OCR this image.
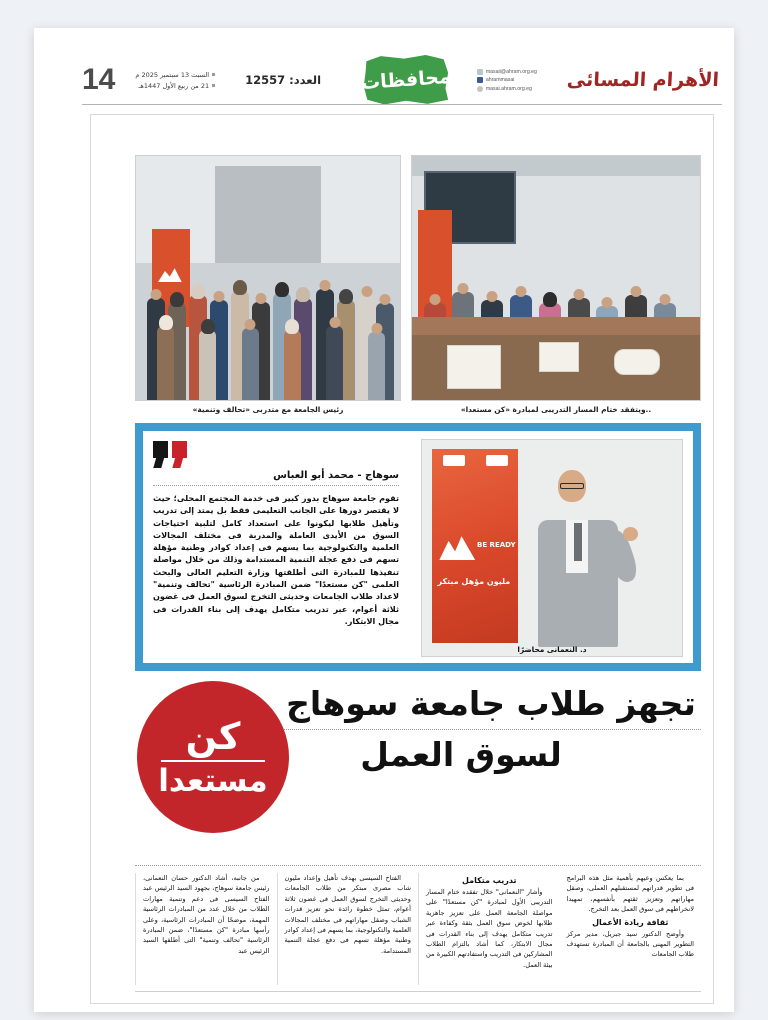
14	السبت 13 سبتمبر 2025 م
21 من ربيع الأول 1447هـ	العدد: 12557	محافظات	masaii@ahram.org.eg
ahrammasai
masai.ahram.org.eg	الأهرام المسائى
رئيس الجامعة مع متدربى «تحالف وتنمية»	..ويتفقد ختام المسار التدريبى لمبادرة «كن مستعدا»
سوهاج - محمد أبو العباس
تقوم جامعة سوهاج بدور كبير فى خدمة المجتمع المحلى؛ حيث لا يقتصر دورها على الجانب التعليمى فقط بل يمتد إلى تدريب وتأهيل طلابها ليكونوا على استعداد كامل لتلبية احتياجات السوق من الأيدى العاملة والمدربة فى مختلف المجالات العلمية والتكنولوجية بما يسهم فى إعداد كوادر وطنية مؤهلة تسهم فى دفع عجلة التنمية المستدامة وذلك من خلال مواصلة تنفيذها للمبادرة التى أطلقتها وزارة التعليم العالى والبحث العلمى "كن مستعدًا" ضمن المبادرة الرئاسية "تحالف وتنمية" لاعداد طلاب الجامعات وحديثى التخرج لسوق العمل فى غضون ثلاثة أعوام، عبر تدريب متكامل يهدف إلى بناء القدرات فى مجال الابتكار.
BE READY
مليون مؤهل مبتكر
د. النعمانى محاضرًا
تجهز طلاب جامعة سوهاج
لسوق العمل
كن
مستعدا

من جانبه، أشاد الدكتور حسان النعمانى، رئيس جامعة سوهاج، بجهود السيد الرئيس عبد الفتاح السيسى فى دعم وتنمية مهارات الطلاب من خلال عدد من المبادرات الرئاسية المهمة، موضحًا أن المبادرات الرئاسية، وعلى رأسها مبادرة "كن مستعدًا"، ضمن المبادرة الرئاسية "تحالف وتنمية" التى أطلقها السيد الرئيس عبد

الفتاح السيسى بهدف تأهيل وإعداد مليون شاب مصرى مبتكر من طلاب الجامعات وحديثى التخرج لسوق العمل فى غضون ثلاثة أعوام، تمثل خطوة رائدة نحو تعزيز قدرات الشباب وصقل مهاراتهم فى مختلف المجالات العلمية والتكنولوجية، بما يسهم فى إعداد كوادر وطنية مؤهلة تسهم فى دفع عجلة التنمية المستدامة.

تدريب متكامل

وأشار "النعمانى" خلال تفقده ختام المسار التدريبى الأول لمبادرة "كن مستعدًا" على مواصلة الجامعة العمل على تعزيز جاهزية طلابها لخوض سوق العمل بثقة وكفاءة عبر تدريب متكامل يهدف إلى بناء القدرات فى مجال الابتكار، كما أشاد بالتزام الطلاب المشاركين فى التدريب واستفادتهم الكبيرة من بيئة العمل.

بما يعكس وعيهم بأهمية مثل هذه البرامج فى تطوير قدراتهم لمستقبلهم العملى، وصقل مهاراتهم وتعزيز ثقتهم بأنفسهم، تمهيدا لانخراطهم فى سوق العمل بعد التخرج.

ثقافة ريادة الأعمال

وأوضح الدكتور سيد جبريل، مدير مركز التطوير المهنى بالجامعة أن المبادرة تستهدف طلاب الجامعات
